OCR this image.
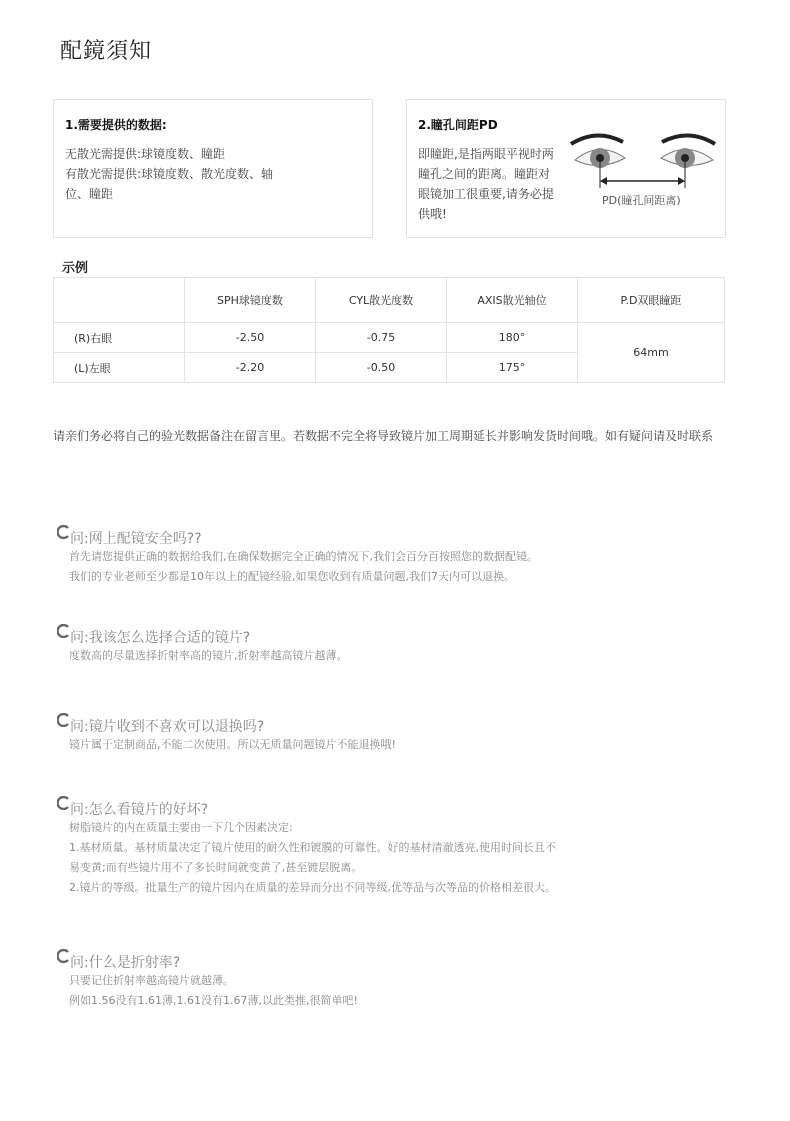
配鏡須知
1.需要提供的数据:
无散光需提供:球镜度数、瞳距
有散光需提供:球镜度数、散光度数、轴位、瞳距
2.瞳孔间距PD
即瞳距,是指两眼平视时两瞳孔之间的距离。瞳距对眼镜加工很重要,请务必提供哦!
PD(瞳孔间距离)
示例
	SPH球镜度数	CYL散光度数	AXIS散光轴位	P.D双眼瞳距
(R)右眼	-2.50	-0.75	180°	64mm
(L)左眼	-2.20	-0.50	175°	
请亲们务必将自己的验光数据备注在留言里。若数据不完全将导致镜片加工周期延长并影响发货时间哦。如有疑问请及时联系
问:网上配镜安全吗??
首先请您提供正确的数据给我们,在确保数据完全正确的情况下,我们会百分百按照您的数据配镜。
我们的专业老师至少都是10年以上的配镜经验,如果您收到有质量问题,我们7天内可以退换。
问:我该怎么选择合适的镜片?
度数高的尽量选择折射率高的镜片,折射率越高镜片越薄。
问:镜片收到不喜欢可以退换吗?
镜片属于定制商品,不能二次使用。所以无质量问题镜片不能退换哦!
问:怎么看镜片的好坏?
树脂镜片的内在质量主要由一下几个因素决定:
1.基材质量。基材质量决定了镜片使用的耐久性和镀膜的可靠性。好的基材清澈透亮,使用时间长且不
易变黄;而有些镜片用不了多长时间就变黄了,甚至镀层脱离。
2.镜片的等级。批量生产的镜片因内在质量的差异而分出不同等级,优等品与次等品的价格相差很大。
问:什么是折射率?
只要记住折射率越高镜片就越薄。
例如1.56没有1.61薄,1.61没有1.67薄,以此类推,很简单吧!
